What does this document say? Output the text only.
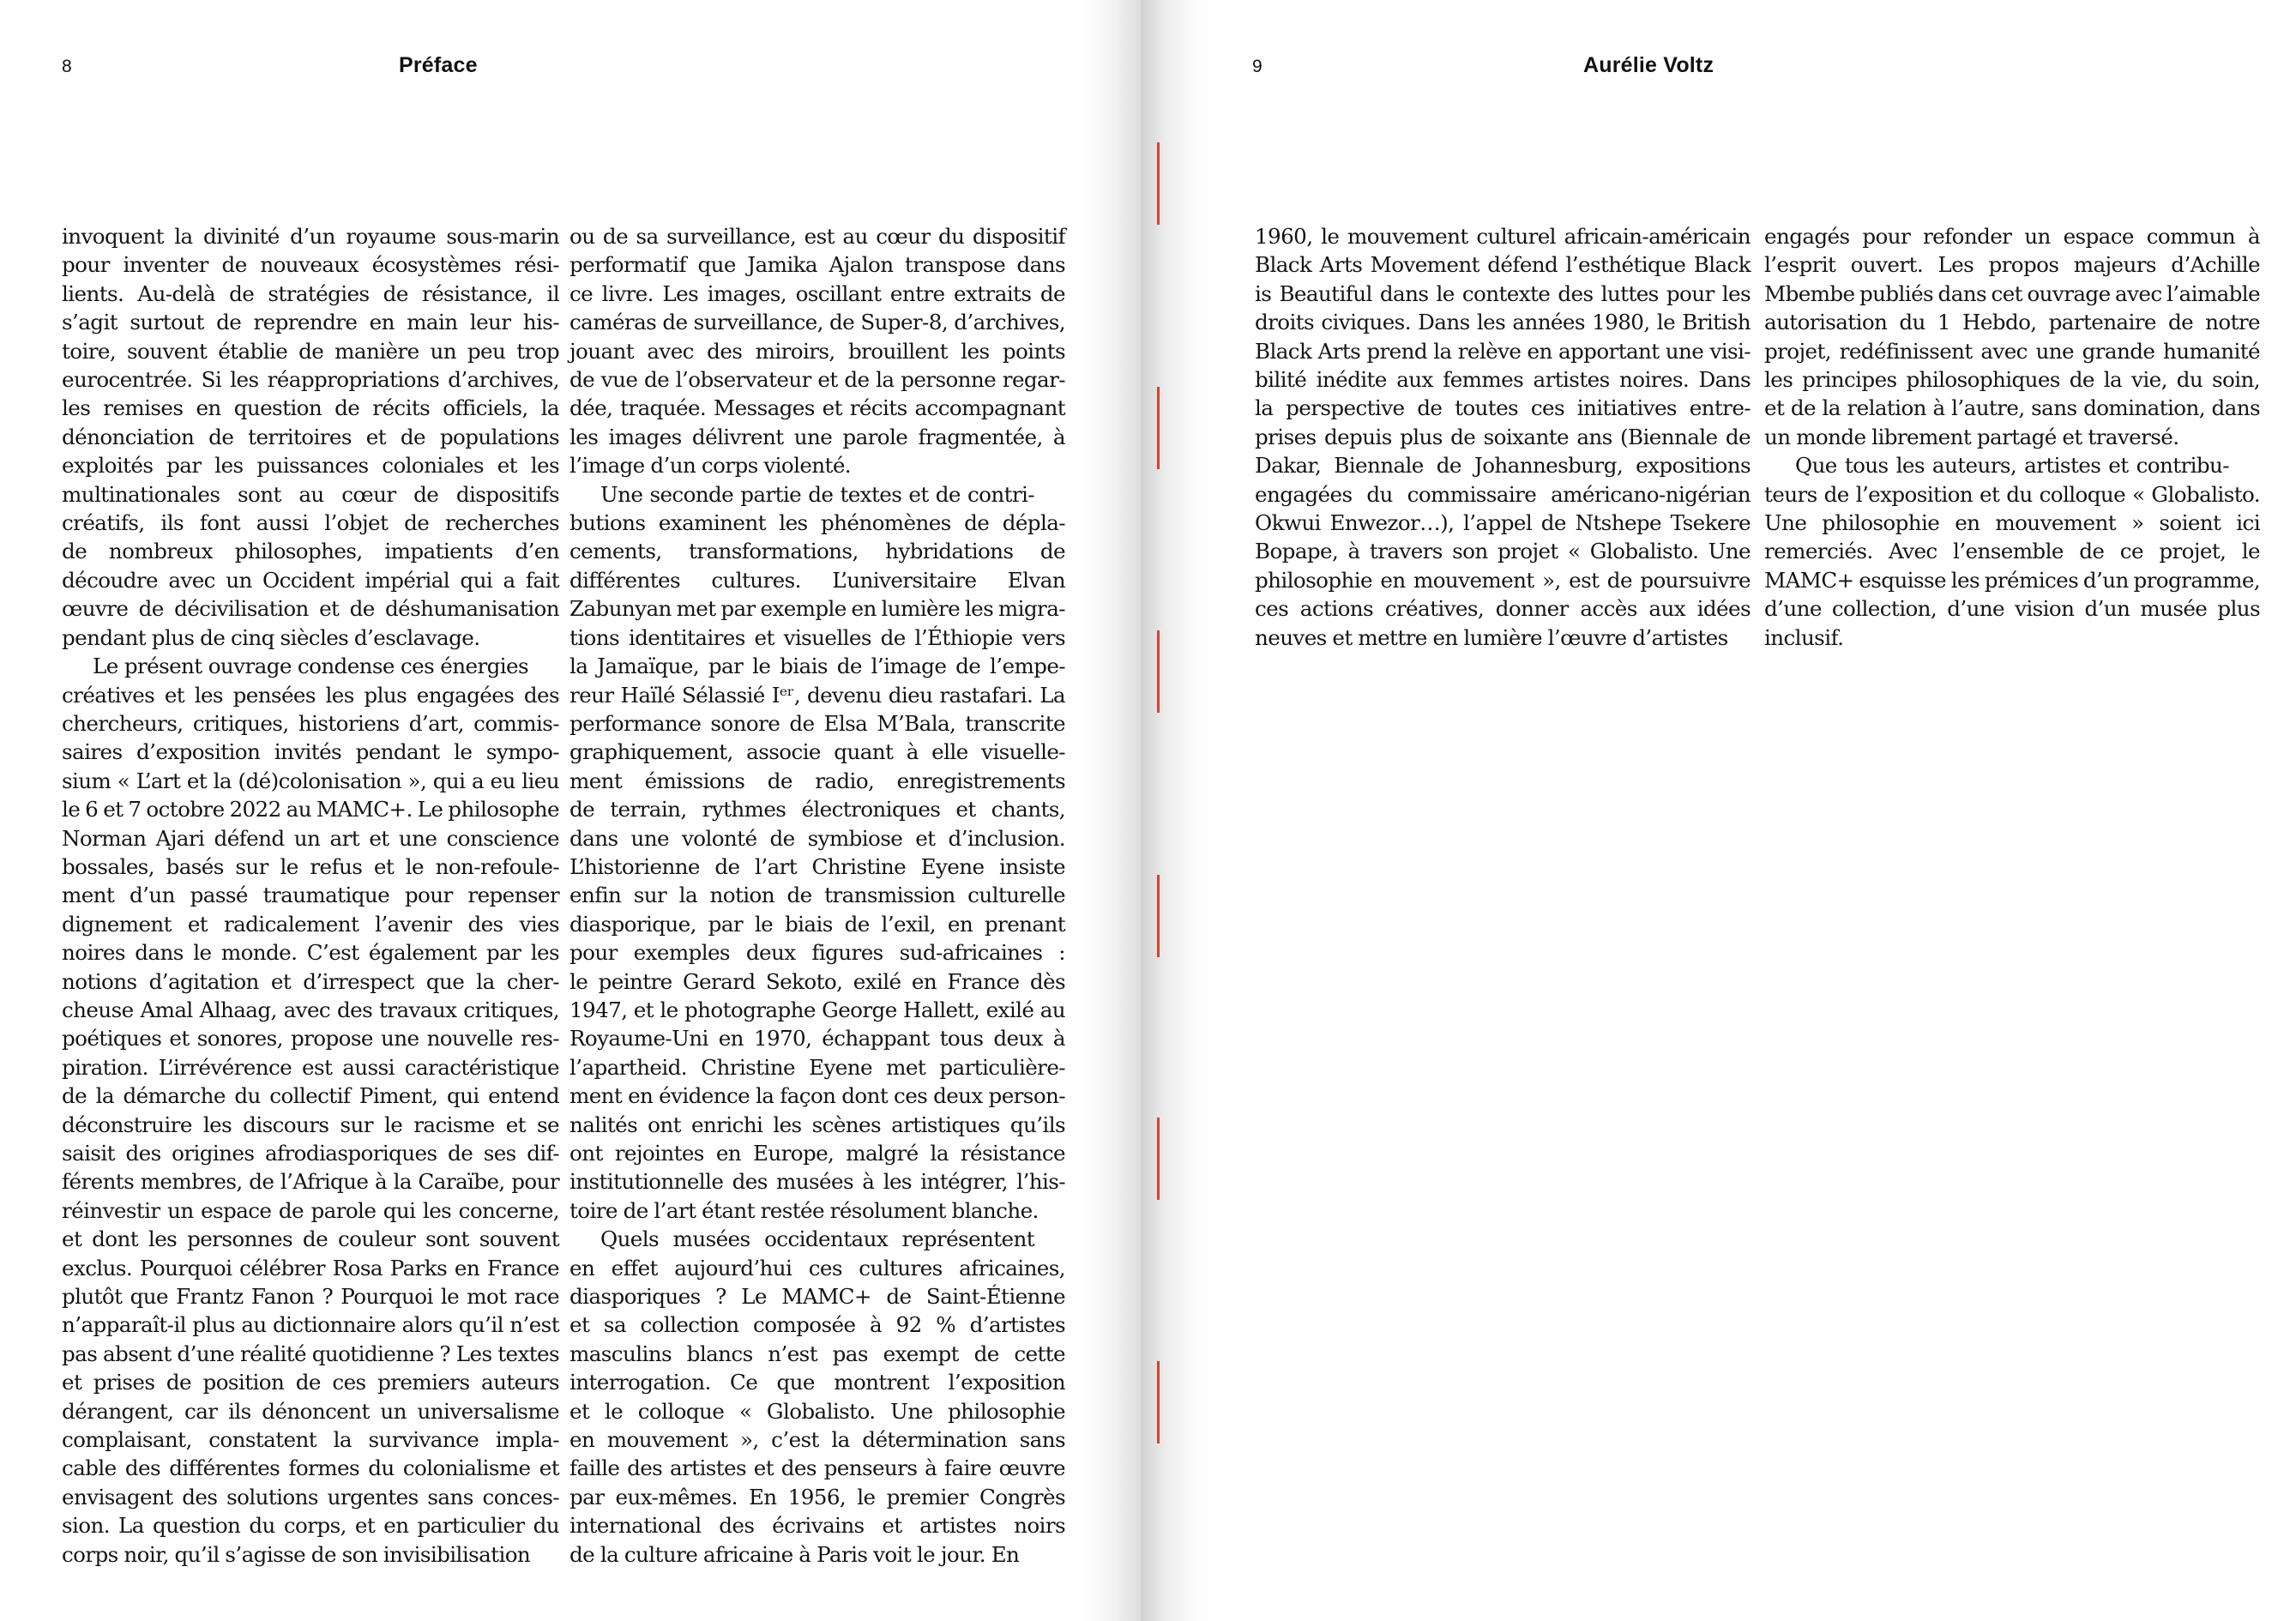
8	Préface

invoquent la divinité d’un royaume sous-marin
pour inventer de nouveaux écosystèmes rési-
lients. Au-delà de stratégies de résistance, il
s’agit surtout de reprendre en main leur his-
toire, souvent établie de manière un peu trop
eurocentrée. Si les réappropriations d’archives,
les remises en question de récits officiels, la
dénonciation de territoires et de populations
exploités par les puissances coloniales et les
multinationales sont au cœur de dispositifs
créatifs, ils font aussi l’objet de recherches
de nombreux philosophes, impatients d’en
découdre avec un Occident impérial qui a fait
œuvre de décivilisation et de déshumanisation
pendant plus de cinq siècles d’esclavage.

Le présent ouvrage condense ces énergies
créatives et les pensées les plus engagées des
chercheurs, critiques, historiens d’art, commis-
saires d’exposition invités pendant le sympo-
sium « L’art et la (dé)colonisation », qui a eu lieu
le 6 et 7 octobre 2022 au MAMC+. Le philosophe
Norman Ajari défend un art et une conscience
bossales, basés sur le refus et le non-refoule-
ment d’un passé traumatique pour repenser
dignement et radicalement l’avenir des vies
noires dans le monde. C’est également par les
notions d’agitation et d’irrespect que la cher-
cheuse Amal Alhaag, avec des travaux critiques,
poétiques et sonores, propose une nouvelle res-
piration. L’irrévérence est aussi caractéristique
de la démarche du collectif Piment, qui entend
déconstruire les discours sur le racisme et se
saisit des origines afrodiasporiques de ses dif-
férents membres, de l’Afrique à la Caraïbe, pour
réinvestir un espace de parole qui les concerne,
et dont les personnes de couleur sont souvent
exclus. Pourquoi célébrer Rosa Parks en France
plutôt que Frantz Fanon ? Pourquoi le mot race
n’apparaît-il plus au dictionnaire alors qu’il n’est
pas absent d’une réalité quotidienne ? Les textes
et prises de position de ces premiers auteurs
dérangent, car ils dénoncent un universalisme
complaisant, constatent la survivance impla-
cable des différentes formes du colonialisme et
envisagent des solutions urgentes sans conces-
sion. La question du corps, et en particulier du
corps noir, qu’il s’agisse de son invisibilisation

ou de sa surveillance, est au cœur du dispositif
performatif que Jamika Ajalon transpose dans
ce livre. Les images, oscillant entre extraits de
caméras de surveillance, de Super-8, d’archives,
jouant avec des miroirs, brouillent les points
de vue de l’observateur et de la personne regar-
dée, traquée. Messages et récits accompagnant
les images délivrent une parole fragmentée, à
l’image d’un corps violenté.

Une seconde partie de textes et de contri-
butions examinent les phénomènes de dépla-
cements, transformations, hybridations de
différentes cultures. L’universitaire Elvan
Zabunyan met par exemple en lumière les migra-
tions identitaires et visuelles de l’Éthiopie vers
la Jamaïque, par le biais de l’image de l’empe-
reur Haïlé Sélassié Iᵉʳ, devenu dieu rastafari. La
performance sonore de Elsa M’Bala, transcrite
graphiquement, associe quant à elle visuelle-
ment émissions de radio, enregistrements
de terrain, rythmes électroniques et chants,
dans une volonté de symbiose et d’inclusion.
L’historienne de l’art Christine Eyene insiste
enfin sur la notion de transmission culturelle
diasporique, par le biais de l’exil, en prenant
pour exemples deux figures sud-africaines :
le peintre Gerard Sekoto, exilé en France dès
1947, et le photographe George Hallett, exilé au
Royaume-Uni en 1970, échappant tous deux à
l’apartheid. Christine Eyene met particulière-
ment en évidence la façon dont ces deux person-
nalités ont enrichi les scènes artistiques qu’ils
ont rejointes en Europe, malgré la résistance
institutionnelle des musées à les intégrer, l’his-
toire de l’art étant restée résolument blanche.

Quels musées occidentaux représentent
en effet aujourd’hui ces cultures africaines,
diasporiques ? Le MAMC+ de Saint-Étienne
et sa collection composée à 92 % d’artistes
masculins blancs n’est pas exempt de cette
interrogation. Ce que montrent l’exposition
et le colloque « Globalisto. Une philosophie
en mouvement », c’est la détermination sans
faille des artistes et des penseurs à faire œuvre
par eux-mêmes. En 1956, le premier Congrès
international des écrivains et artistes noirs
de la culture africaine à Paris voit le jour. En

9	Aurélie Voltz

1960, le mouvement culturel africain-américain
Black Arts Movement défend l’esthétique Black
is Beautiful dans le contexte des luttes pour les
droits civiques. Dans les années 1980, le British
Black Arts prend la relève en apportant une visi-
bilité inédite aux femmes artistes noires. Dans
la perspective de toutes ces initiatives entre-
prises depuis plus de soixante ans (Biennale de
Dakar, Biennale de Johannesburg, expositions
engagées du commissaire américano-nigérian
Okwui Enwezor…), l’appel de Ntshepe Tsekere
Bopape, à travers son projet « Globalisto. Une
philosophie en mouvement », est de poursuivre
ces actions créatives, donner accès aux idées
neuves et mettre en lumière l’œuvre d’artistes

engagés pour refonder un espace commun à
l’esprit ouvert. Les propos majeurs d’Achille
Mbembe publiés dans cet ouvrage avec l’aimable
autorisation du 1 Hebdo, partenaire de notre
projet, redéfinissent avec une grande humanité
les principes philosophiques de la vie, du soin,
et de la relation à l’autre, sans domination, dans
un monde librement partagé et traversé.

Que tous les auteurs, artistes et contribu-
teurs de l’exposition et du colloque « Globalisto.
Une philosophie en mouvement » soient ici
remerciés. Avec l’ensemble de ce projet, le
MAMC+ esquisse les prémices d’un programme,
d’une collection, d’une vision d’un musée plus
inclusif.
